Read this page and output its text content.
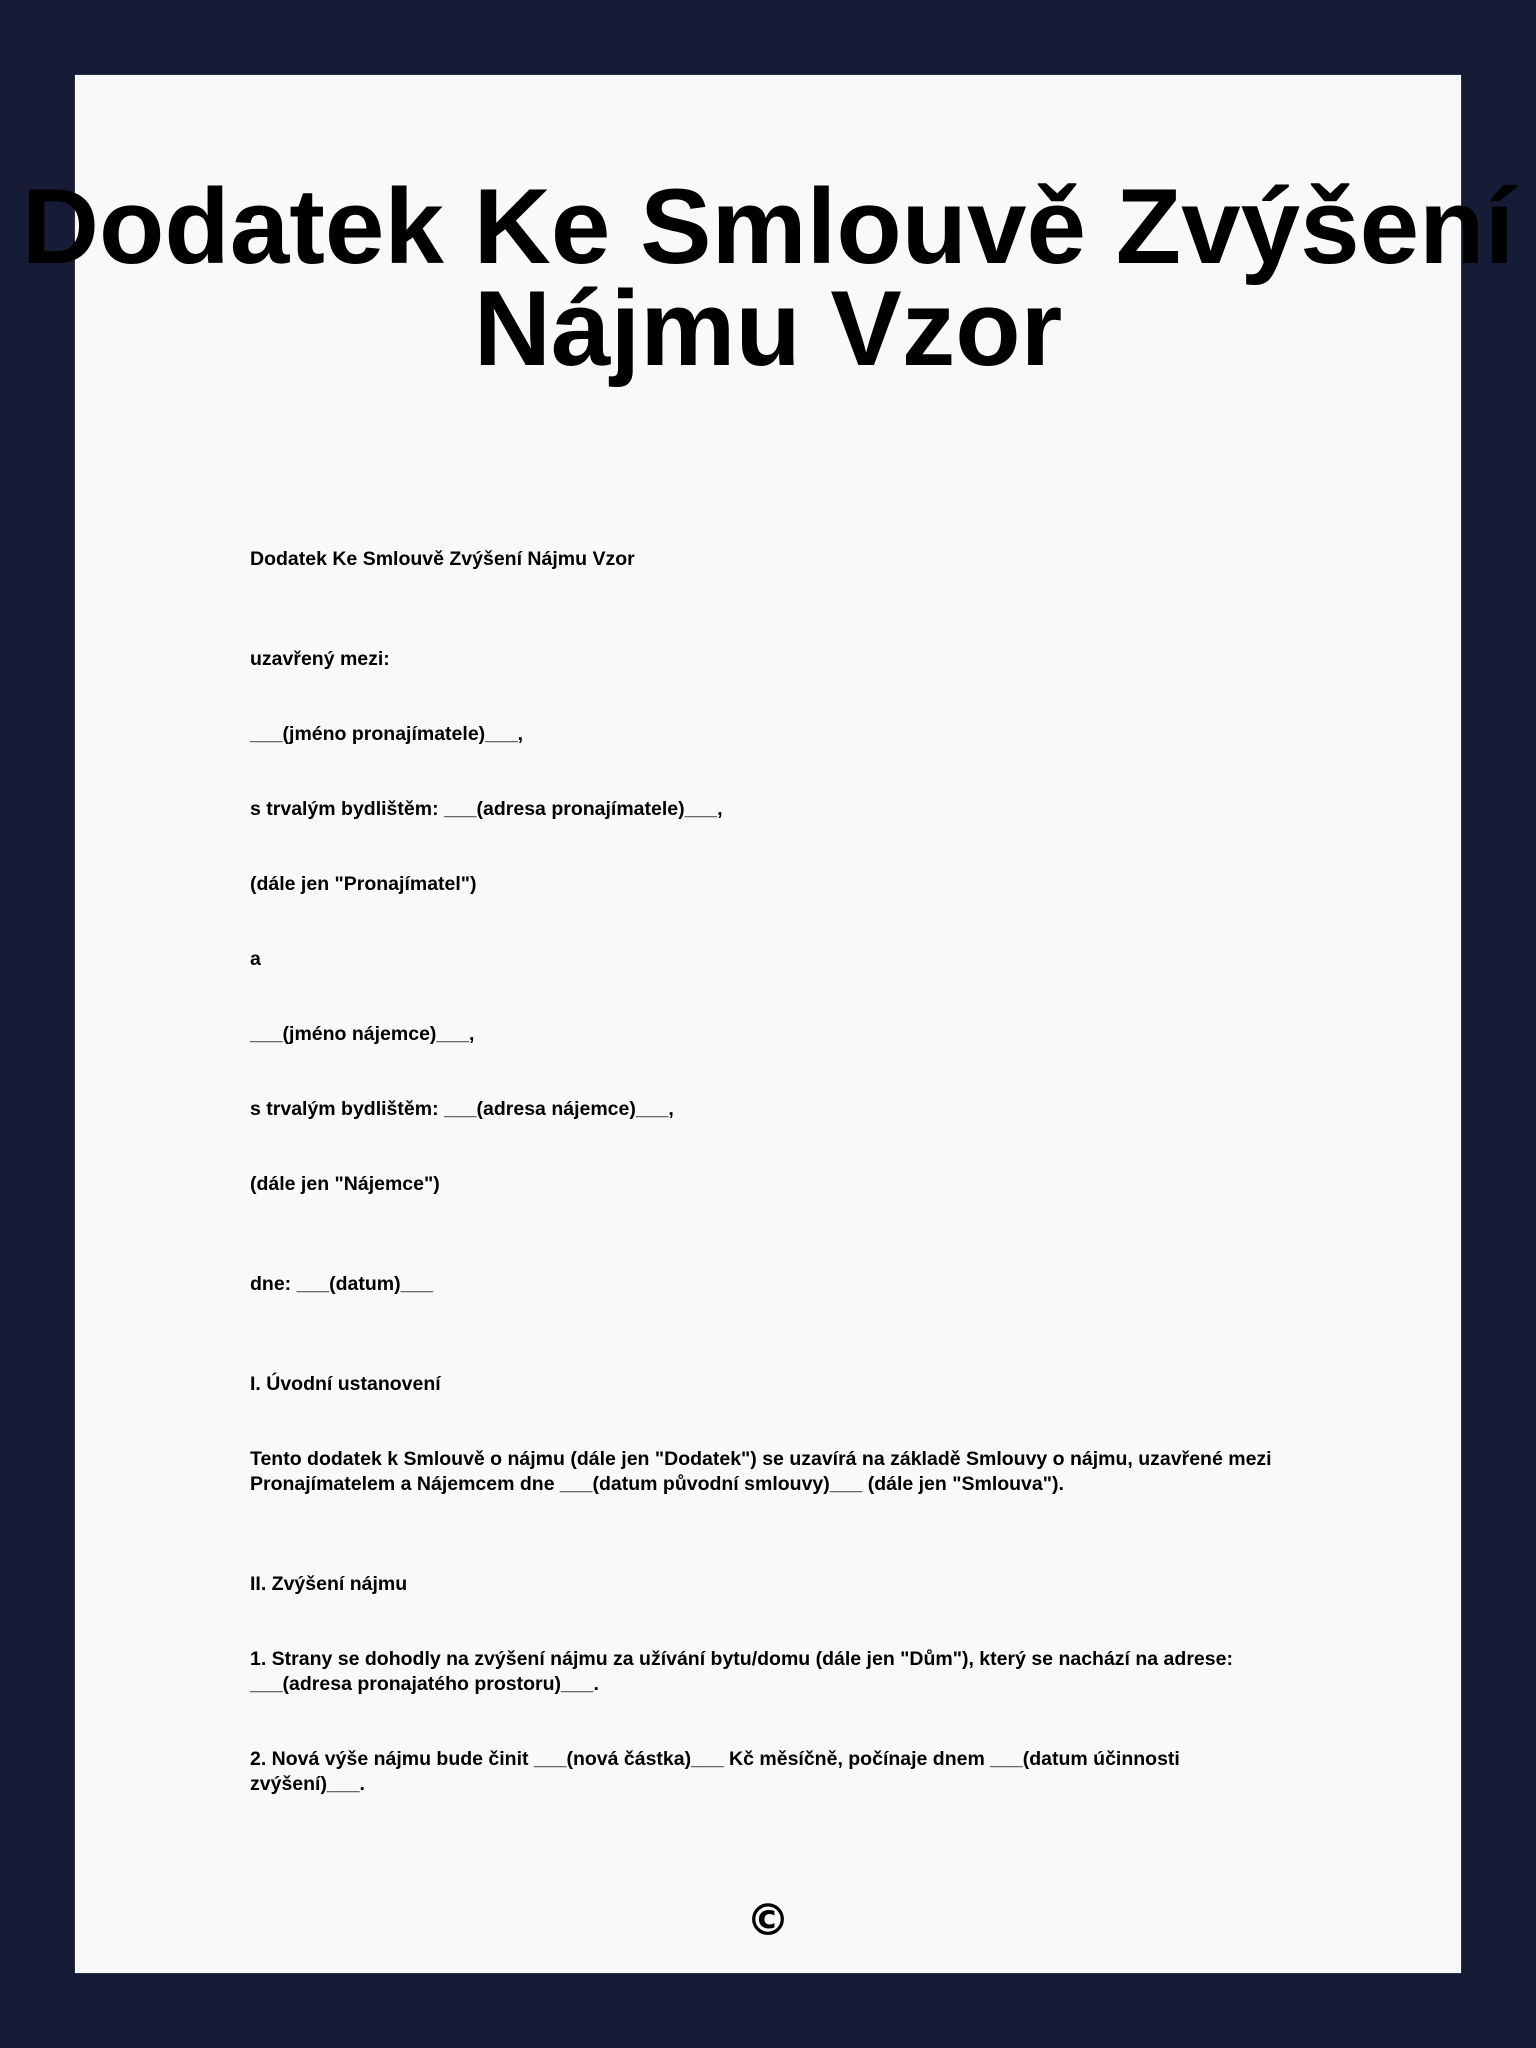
Dodatek Ke Smlouvě Zvýšení Nájmu Vzor

Dodatek Ke Smlouvě Zvýšení Nájmu Vzor

uzavřený mezi:

___(jméno pronajímatele)___,

s trvalým bydlištěm: ___(adresa pronajímatele)___,

(dále jen "Pronajímatel")

a

___(jméno nájemce)___,

s trvalým bydlištěm: ___(adresa nájemce)___,

(dále jen "Nájemce")

dne: ___(datum)___

I. Úvodní ustanovení

Tento dodatek k Smlouvě o nájmu (dále jen "Dodatek") se uzavírá na základě Smlouvy o nájmu, uzavřené mezi Pronajímatelem a Nájemcem dne ___(datum původní smlouvy)___ (dále jen "Smlouva").

II. Zvýšení nájmu

1. Strany se dohodly na zvýšení nájmu za užívání bytu/domu (dále jen "Dům"), který se nachází na adrese: ___(adresa pronajatého prostoru)___.

2. Nová výše nájmu bude činit ___(nová částka)___ Kč měsíčně, počínaje dnem ___(datum účinnosti zvýšení)___.

©
